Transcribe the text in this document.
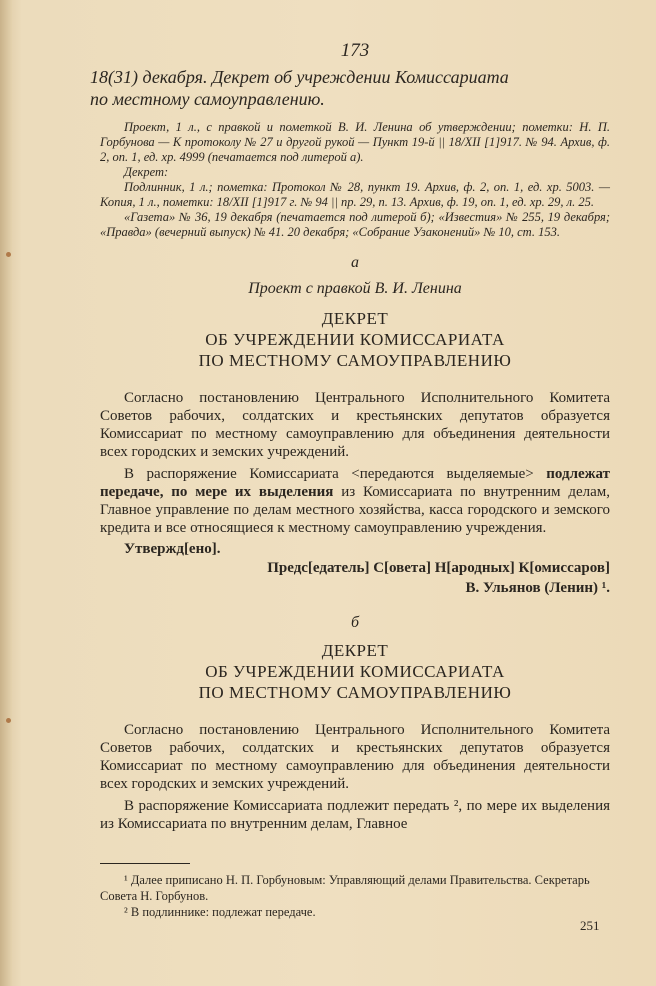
173
18(31) декабря. Декрет об учреждении Комиссариата
по местному самоуправлению.

Проект, 1 л., с правкой и пометкой В. И. Ленина об утверждении; пометки: Н. П. Горбунова — К протоколу № 27 и другой рукой — Пункт 19-й || 18/XII [1]917. № 94. Архив, ф. 2, оп. 1, ед. хр. 4999 (печатается под литерой а).

Декрет:

Подлинник, 1 л.; пометка: Протокол № 28, пункт 19. Архив, ф. 2, оп. 1, ед. хр. 5003. — Копия, 1 л., пометки: 18/XII [1]917 г. № 94 || пр. 29, п. 13. Архив, ф. 19, оп. 1, ед. хр. 29, л. 25.

«Газета» № 36, 19 декабря (печатается под литерой б); «Известия» № 255, 19 декабря; «Правда» (вечерний выпуск) № 41. 20 декабря; «Собрание Узаконений» № 10, ст. 153.

а
Проект с правкой В. И. Ленина
ДЕКРЕТ
ОБ УЧРЕЖДЕНИИ КОМИССАРИАТА
ПО МЕСТНОМУ САМОУПРАВЛЕНИЮ

Согласно постановлению Центрального Исполнительного Комитета Советов рабочих, солдатских и крестьянских депутатов образуется Комиссариат по местному самоуправлению для объединения деятельности всех городских и земских учреждений.

В распоряжение Комиссариата <передаются выделяемые> подлежат передаче, по мере их выделения из Комиссариата по внутренним делам, Главное управление по делам местного хозяйства, касса городского и земского кредита и все относящиеся к местному самоуправлению учреждения.

Утвержд[ено].
Предс[едатель] С[овета] Н[ародных] К[омиссаров]
В. Ульянов (Ленин) ¹.
б
ДЕКРЕТ
ОБ УЧРЕЖДЕНИИ КОМИССАРИАТА
ПО МЕСТНОМУ САМОУПРАВЛЕНИЮ

Согласно постановлению Центрального Исполнительного Комитета Советов рабочих, солдатских и крестьянских депутатов образуется Комиссариат по местному самоуправлению для объединения деятельности всех городских и земских учреждений.

В распоряжение Комиссариата подлежит передать ², по мере их выделения из Комиссариата по внутренним делам, Главное

¹ Далее приписано Н. П. Горбуновым: Управляющий делами Правительства. Секретарь Совета Н. Горбунов.

² В подлиннике: подлежат передаче.

251
